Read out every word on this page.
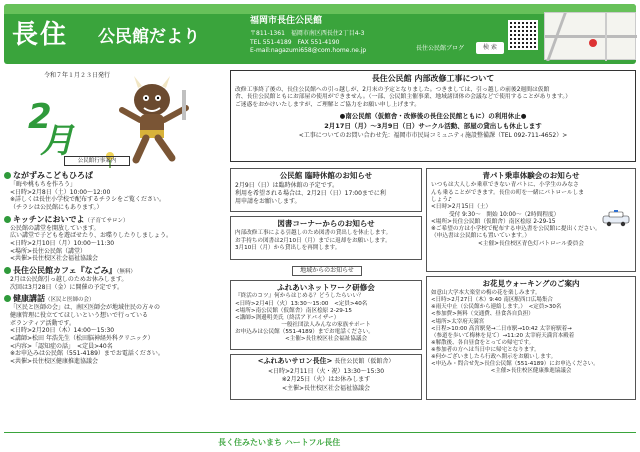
長住 公民館だより
福岡市長住公民館
〒811-1361　福岡市南区西長住2丁目4-3
TEL 551-4189　FAX 551-4190
E-mail:nagazumi658@com.home.ne.jp	長住公民館ブログ	検 索
令和７年１月２３日発行
2
月 公民館行事案内
ながずみこどもひろば
「晦や桃もちを作ろう」
<日時>2月8日（土）10:00～12:00
※詳しくは長住小学校で配布するチラシをご覧ください。
（チラシは公民館にもあります。）
キッチンにおいでよ（子育てサロン）
公民館の講堂を開放しています。
広い講堂で子どもを遊ばせたり、お喋りしたりしましょう。
<日時>2月10日（月）10:00～11:30
<場所>長住公民館（講堂）
<共催>長住校区社会福祉協議会
長住公民館カフェ『なごみ』（無料）
2月は公民館引っ越しのためお休みします。
次回は3月28日（金）に開催の予定です。
健康講話（区民と医師の会）
「区民と医師の会」は、南区医師会が地域住民の方々の
健康管理に役立ててほしいという想いで行っている
ボランティア活動です。
<日時>2月20日（木）14:00～15:30
<講師>松田 年浩先生（松田脳神経外科クリニック）
<内容>「認知症の話」　<定員>40名
※お申込みは公民館（551-4189）までお電話ください。
<共催>長住校区健康推進協議会
長住公民館 内部改修工事について
改修工事終了後の、長住公民館への引っ越しが、2月末の予定となりました。つきましては、引っ越しの前後2週間は仮館
舎、長住公民館ともにお部屋の使用ができません。（一部、公民館主催事業、地域諸団体の会議などで使用することがあります。）
ご迷惑をおかけいたしますが、ご理解とご協力をお願い申し上げます。
●南公民館（仮館舎・改修後の長住公民館ともに）の利用休止●
2月17日（月）～3月9日（日）サークル活動、部屋の貸出しも休止します
<工事についてのお問い合わせ先：福岡市市民局コミュニティ施設整備課（TEL 092-711-4652）>
公民館 臨時休館のお知らせ
2月9日（日）は臨時休館の予定です。
利用を希望される場合は、2月2日（日）17:00までに利
用申請をお願いします。
図書コーナーからのお知らせ
内部改修工事による引越しのため図書の貸出しを休止します。
お手持ちの図書は2月10日（月）までに返却をお願いします。
3月10日（月）から貸出しを再開します。
地域からのお知らせ
ふれあいネットワーク研修会
『終活のコツ』何からはじめる？どうしたらいい？
<日時>2月4日（火）13:30～15:00　<定員>40名
<場所>南公民館（仮館舎）南区桧原 2-29-15
<講師>渕邊明美氏（終活アドバイザー）
一般社団法人みんなの家族サポート
お申込みは公民館（551-4189）までお電話ください。
<主催>長住校区社会福祉協議会
<ふれあいサロン長住> 長住公民館（仮館舎）
<日時>2月11日（火・祝）13:30～15:30
※2月25日（火）はお休みします
<主催>長住校区社会福祉協議会
青パト乗車体験会のお知らせ
いつもは大人しか乗車できない青パトに、小学生のみなさ
んも乗ることができます。長住の町を一緒にパトロールしま
しょう♪
<日時>2月15日（土）
受付 9:30～　開始 10:00～（2時間程度）
<場所>長住公民館（仮館舎）南区桧原 2-29-15
※ご希望の方は小学校で配布する申込書を公民館に提出ください。
（申込書は公民館にも置いています。）
<主催>長住校区青色灯パトロール委員会
お花見ウォーキングのご案内
如意山大学本大楽堂の梅の花を楽しみます。
<日時>2月27日（木）9:40 南区駅西口広場集合
※雨天中止（公民館から連絡します。）　<定員>30名
<参加費>無料（交通費、昼食各自負担）
<場所>太宰府天満宮
<日程>10:00 高宮駅発→二日市駅→10:42 太宰府駅着→
（参道を歩いて梅林を見て）→11:20 太宰府天満宮本殿着
※解散後、各自昼食をとっての帰宅です。
※参加者の方へは当日中に帰宅となります。
※何かございましたら行政へ開示をお願いします。
<申込み・問合せ先>長住公民館（551-4189）にお申込ください。
<主催>長住校区健康推進協議会
長く住みたいまち ハートフル長住
